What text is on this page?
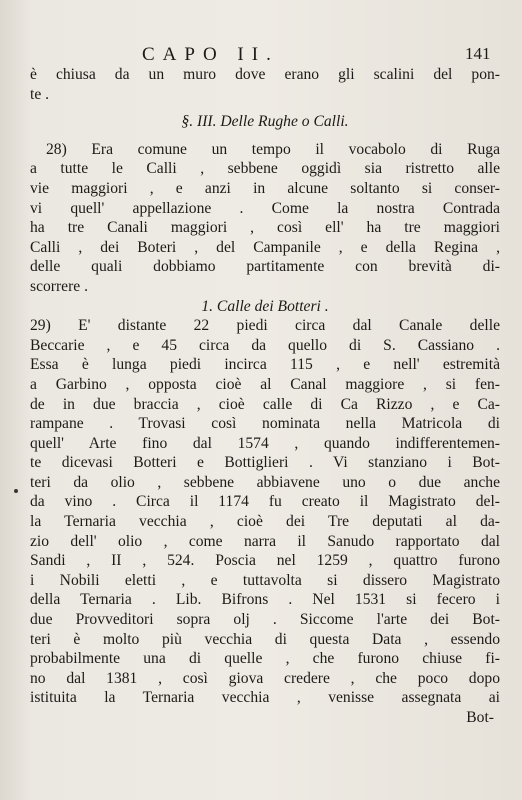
CAPO II.	141
è chiusa da un muro dove erano gli scalini del pon-
te .
§. III. Delle Rughe o Calli.
28) Era comune un tempo il vocabolo di Ruga
a tutte le Calli , sebbene oggidì sia ristretto alle
vie maggiori , e anzi in alcune soltanto si conser-
vi quell' appellazione . Come la nostra Contrada
ha tre Canali maggiori , così ell' ha tre maggiori
Calli , dei Boteri , del Campanile , e della Regina ,
delle quali dobbiamo partitamente con brevità di-
scorrere .
1. Calle dei Botteri .
29) E' distante 22 piedi circa dal Canale delle
Beccarie , e 45 circa da quello di S. Cassiano .
Essa è lunga piedi incirca 115 , e nell' estremità
a Garbino , opposta cioè al Canal maggiore , si fen-
de in due braccia , cioè calle di Ca Rizzo , e Ca-
rampane . Trovasi così nominata nella Matricola di
quell' Arte fino dal 1574 , quando indifferentemen-
te dicevasi Botteri e Bottiglieri . Vi stanziano i Bot-
teri da olio , sebbene abbiavene uno o due anche
da vino . Circa il 1174 fu creato il Magistrato del-
la Ternaria vecchia , cioè dei Tre deputati al da-
zio dell' olio , come narra il Sanudo rapportato dal
Sandi , II , 524. Poscia nel 1259 , quattro furono
i Nobili eletti , e tuttavolta si dissero Magistrato
della Ternaria . Lib. Bifrons . Nel 1531 si fecero i
due Provveditori sopra olj . Siccome l'arte dei Bot-
teri è molto più vecchia di questa Data , essendo
probabilmente una di quelle , che furono chiuse fi-
no dal 1381 , così giova credere , che poco dopo
istituita la Ternaria vecchia , venisse assegnata ai
Bot-
